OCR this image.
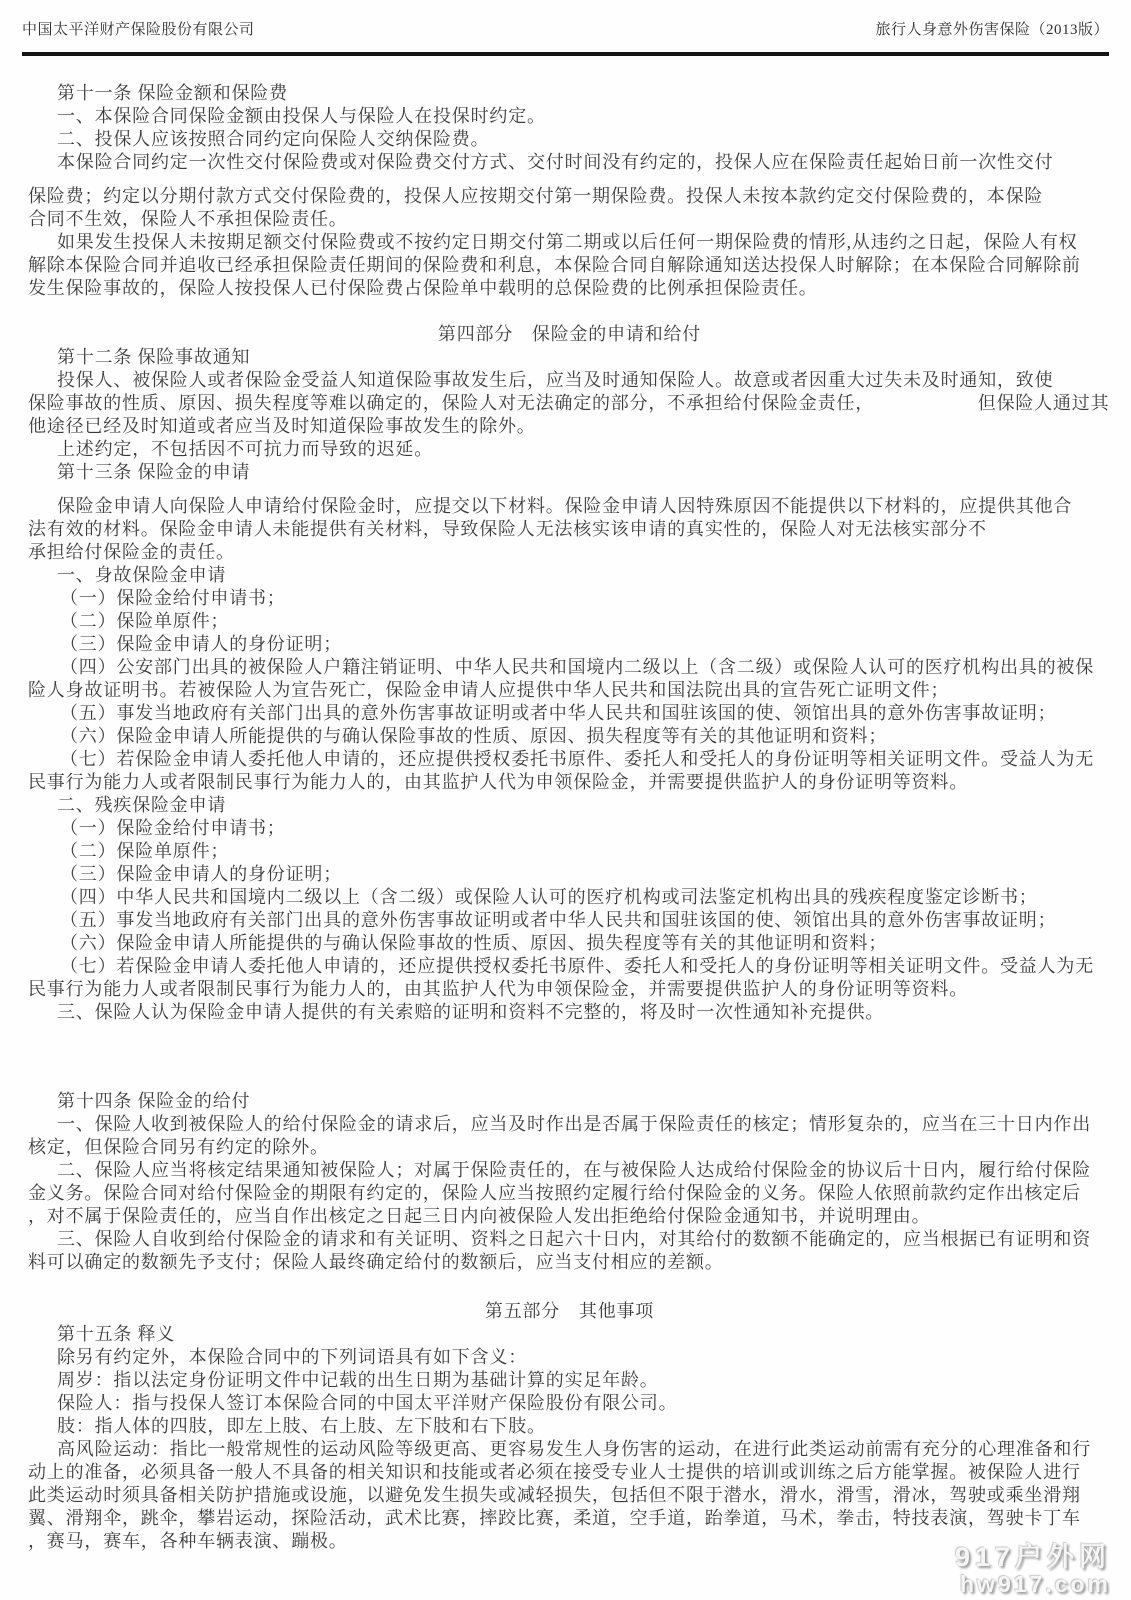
中国太平洋财产保险股份有限公司	旅行人身意外伤害保险（2013版）

第十一条 保险金额和保险费

一、本保险合同保险金额由投保人与保险人在投保时约定。

二、投保人应该按照合同约定向保险人交纳保险费。

本保险合同约定一次性交付保险费或对保险费交付方式、交付时间没有约定的，投保人应在保险责任起始日前一次性交付

保险费；约定以分期付款方式交付保险费的，投保人应按期交付第一期保险费。投保人未按本款约定交付保险费的，本保险

合同不生效，保险人不承担保险责任。

如果发生投保人未按期足额交付保险费或不按约定日期交付第二期或以后任何一期保险费的情形,从违约之日起，保险人有权

解除本保险合同并追收已经承担保险责任期间的保险费和利息，本保险合同自解除通知送达投保人时解除；在本保险合同解除前

发生保险事故的，保险人按投保人已付保险费占保险单中载明的总保险费的比例承担保险责任。

第四部分　保险金的申请和给付

第十二条 保险事故通知

投保人、被保险人或者保险金受益人知道保险事故发生后，应当及时通知保险人。故意或者因重大过失未及时通知，致使

保险事故的性质、原因、损失程度等难以确定的，保险人对无法确定的部分，不承担给付保险金责任，　　　　　　但保险人通过其

他途径已经及时知道或者应当及时知道保险事故发生的除外。

上述约定，不包括因不可抗力而导致的迟延。

第十三条 保险金的申请

保险金申请人向保险人申请给付保险金时，应提交以下材料。保险金申请人因特殊原因不能提供以下材料的，应提供其他合

法有效的材料。保险金申请人未能提供有关材料，导致保险人无法核实该申请的真实性的，保险人对无法核实部分不

承担给付保险金的责任。

一、身故保险金申请

（一）保险金给付申请书；

（二）保险单原件；

（三）保险金申请人的身份证明；

（四）公安部门出具的被保险人户籍注销证明、中华人民共和国境内二级以上（含二级）或保险人认可的医疗机构出具的被保

险人身故证明书。若被保险人为宣告死亡，保险金申请人应提供中华人民共和国法院出具的宣告死亡证明文件；

（五）事发当地政府有关部门出具的意外伤害事故证明或者中华人民共和国驻该国的使、领馆出具的意外伤害事故证明；

（六）保险金申请人所能提供的与确认保险事故的性质、原因、损失程度等有关的其他证明和资料；

（七）若保险金申请人委托他人申请的，还应提供授权委托书原件、委托人和受托人的身份证明等相关证明文件。受益人为无

民事行为能力人或者限制民事行为能力人的，由其监护人代为申领保险金，并需要提供监护人的身份证明等资料。

二、残疾保险金申请

（一）保险金给付申请书；

（二）保险单原件；

（三）保险金申请人的身份证明；

（四）中华人民共和国境内二级以上（含二级）或保险人认可的医疗机构或司法鉴定机构出具的残疾程度鉴定诊断书；

（五）事发当地政府有关部门出具的意外伤害事故证明或者中华人民共和国驻该国的使、领馆出具的意外伤害事故证明；

（六）保险金申请人所能提供的与确认保险事故的性质、原因、损失程度等有关的其他证明和资料；

（七）若保险金申请人委托他人申请的，还应提供授权委托书原件、委托人和受托人的身份证明等相关证明文件。受益人为无

民事行为能力人或者限制民事行为能力人的，由其监护人代为申领保险金，并需要提供监护人的身份证明等资料。

三、保险人认为保险金申请人提供的有关索赔的证明和资料不完整的，将及时一次性通知补充提供。

第十四条 保险金的给付

一、保险人收到被保险人的给付保险金的请求后，应当及时作出是否属于保险责任的核定；情形复杂的，应当在三十日内作出

核定，但保险合同另有约定的除外。

二、保险人应当将核定结果通知被保险人；对属于保险责任的，在与被保险人达成给付保险金的协议后十日内，履行给付保险

金义务。保险合同对给付保险金的期限有约定的，保险人应当按照约定履行给付保险金的义务。保险人依照前款约定作出核定后

，对不属于保险责任的，应当自作出核定之日起三日内向被保险人发出拒绝给付保险金通知书，并说明理由。

三、保险人自收到给付保险金的请求和有关证明、资料之日起六十日内，对其给付的数额不能确定的，应当根据已有证明和资

料可以确定的数额先予支付；保险人最终确定给付的数额后，应当支付相应的差额。

第五部分　其他事项

第十五条 释义

除另有约定外，本保险合同中的下列词语具有如下含义：

周岁：指以法定身份证明文件中记载的出生日期为基础计算的实足年龄。

保险人：指与投保人签订本保险合同的中国太平洋财产保险股份有限公司。

肢：指人体的四肢，即左上肢、右上肢、左下肢和右下肢。

高风险运动：指比一般常规性的运动风险等级更高、更容易发生人身伤害的运动，在进行此类运动前需有充分的心理准备和行

动上的准备，必须具备一般人不具备的相关知识和技能或者必须在接受专业人士提供的培训或训练之后方能掌握。被保险人进行

此类运动时须具备相关防护措施或设施，以避免发生损失或减轻损失，包括但不限于潜水，滑水，滑雪，滑冰，驾驶或乘坐滑翔

翼、滑翔伞，跳伞，攀岩运动，探险活动，武术比赛，摔跤比赛，柔道，空手道，跆拳道，马术，拳击，特技表演，驾驶卡丁车

，赛马，赛车，各种车辆表演、蹦极。

917户外网
hw917.com
